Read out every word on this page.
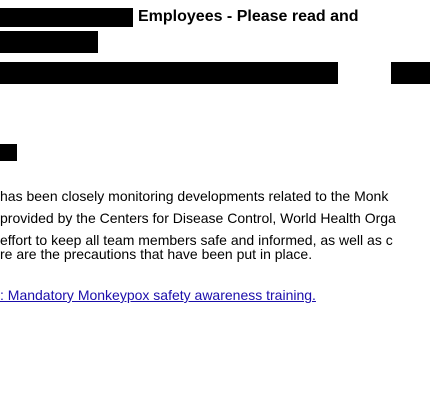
Employees - Please read and
has been closely monitoring developments related to the Monk
provided by the Centers for Disease Control, World Health Orga
effort to keep all team members safe and informed, as well as c
re are the precautions that have been put in place.
: Mandatory Monkeypox safety awareness training.
